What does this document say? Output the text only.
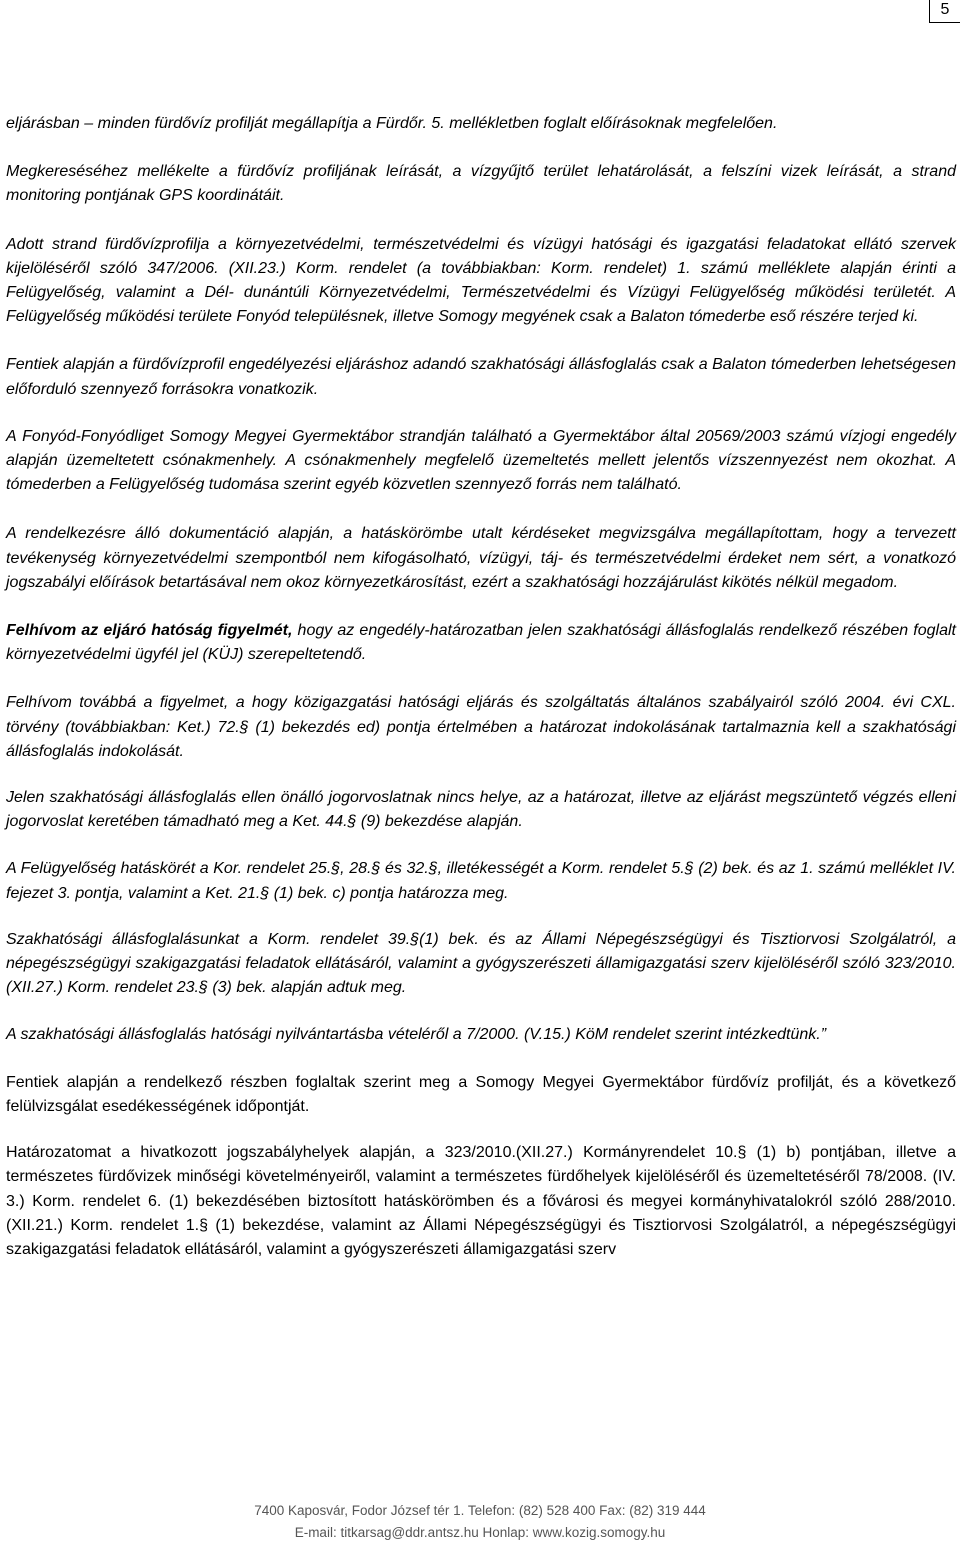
5

eljárásban – minden fürdővíz profilját megállapítja a Fürdőr. 5. mellékletben foglalt előírásoknak megfelelően.

Megkereséséhez mellékelte a fürdővíz profiljának leírását, a vízgyűjtő terület lehatárolását, a felszíni vizek leírását, a strand monitoring pontjának GPS koordinátáit.

Adott strand fürdővízprofilja a környezetvédelmi, természetvédelmi és vízügyi hatósági és igazgatási feladatokat ellátó szervek kijelöléséről szóló 347/2006. (XII.23.) Korm. rendelet (a továbbiakban: Korm. rendelet) 1. számú melléklete alapján érinti a Felügyelőség, valamint a Dél- dunántúli Környezetvédelmi, Természetvédelmi és Vízügyi Felügyelőség működési területét. A Felügyelőség működési területe Fonyód településnek, illetve Somogy megyének csak a Balaton tómederbe eső részére terjed ki.

Fentiek alapján a fürdővízprofil engedélyezési eljáráshoz adandó szakhatósági állásfoglalás csak a Balaton tómederben lehetségesen előforduló szennyező forrásokra vonatkozik.

A Fonyód-Fonyódliget Somogy Megyei Gyermektábor strandján található a Gyermektábor által 20569/2003 számú vízjogi engedély alapján üzemeltetett csónakmenhely. A csónakmenhely megfelelő üzemeltetés mellett jelentős vízszennyezést nem okozhat. A tómederben a Felügyelőség tudomása szerint egyéb közvetlen szennyező forrás nem található.

A rendelkezésre álló dokumentáció alapján, a hatáskörömbe utalt kérdéseket megvizsgálva megállapítottam, hogy a tervezett tevékenység környezetvédelmi szempontból nem kifogásolható, vízügyi, táj- és természetvédelmi érdeket nem sért, a vonatkozó jogszabályi előírások betartásával nem okoz környezetkárosítást, ezért a szakhatósági hozzájárulást kikötés nélkül megadom.

Felhívom az eljáró hatóság figyelmét, hogy az engedély-határozatban jelen szakhatósági állásfoglalás rendelkező részében foglalt környezetvédelmi ügyfél jel (KÜJ) szerepeltetendő.

Felhívom továbbá a figyelmet, a hogy közigazgatási hatósági eljárás és szolgáltatás általános szabályairól szóló 2004. évi CXL. törvény (továbbiakban: Ket.) 72.§ (1) bekezdés ed) pontja értelmében a határozat indokolásának tartalmaznia kell a szakhatósági állásfoglalás indokolását.

Jelen szakhatósági állásfoglalás ellen önálló jogorvoslatnak nincs helye, az a határozat, illetve az eljárást megszüntető végzés elleni jogorvoslat keretében támadható meg a Ket. 44.§ (9) bekezdése alapján.

A Felügyelőség hatáskörét a Kor. rendelet 25.§, 28.§ és 32.§, illetékességét a Korm. rendelet 5.§ (2) bek. és az 1. számú melléklet IV. fejezet 3. pontja, valamint a Ket. 21.§ (1) bek. c) pontja határozza meg.

Szakhatósági állásfoglalásunkat a Korm. rendelet 39.§(1) bek. és az Állami Népegészségügyi és Tisztiorvosi Szolgálatról, a népegészségügyi szakigazgatási feladatok ellátásáról, valamint a gyógyszerészeti államigazgatási szerv kijelöléséről szóló 323/2010. (XII.27.) Korm. rendelet 23.§ (3) bek. alapján adtuk meg.

A szakhatósági állásfoglalás hatósági nyilvántartásba vételéről a 7/2000. (V.15.) KöM rendelet szerint intézkedtünk.”

Fentiek alapján a rendelkező részben foglaltak szerint meg a Somogy Megyei Gyermektábor fürdővíz profilját, és a következő felülvizsgálat esedékességének időpontját.

Határozatomat a hivatkozott jogszabályhelyek alapján, a 323/2010.(XII.27.) Kormányrendelet 10.§ (1) b) pontjában, illetve a természetes fürdővizek minőségi követelményeiről, valamint a természetes fürdőhelyek kijelöléséről és üzemeltetéséről 78/2008. (IV. 3.) Korm. rendelet 6. (1) bekezdésében biztosított hatáskörömben és a fővárosi és megyei kormányhivatalokról szóló 288/2010. (XII.21.) Korm. rendelet 1.§ (1) bekezdése, valamint az Állami Népegészségügyi és Tisztiorvosi Szolgálatról, a népegészségügyi szakigazgatási feladatok ellátásáról, valamint a gyógyszerészeti államigazgatási szerv

7400 Kaposvár, Fodor József tér 1. Telefon: (82) 528 400 Fax: (82) 319 444
E-mail: titkarsag@ddr.antsz.hu Honlap: www.kozig.somogy.hu
